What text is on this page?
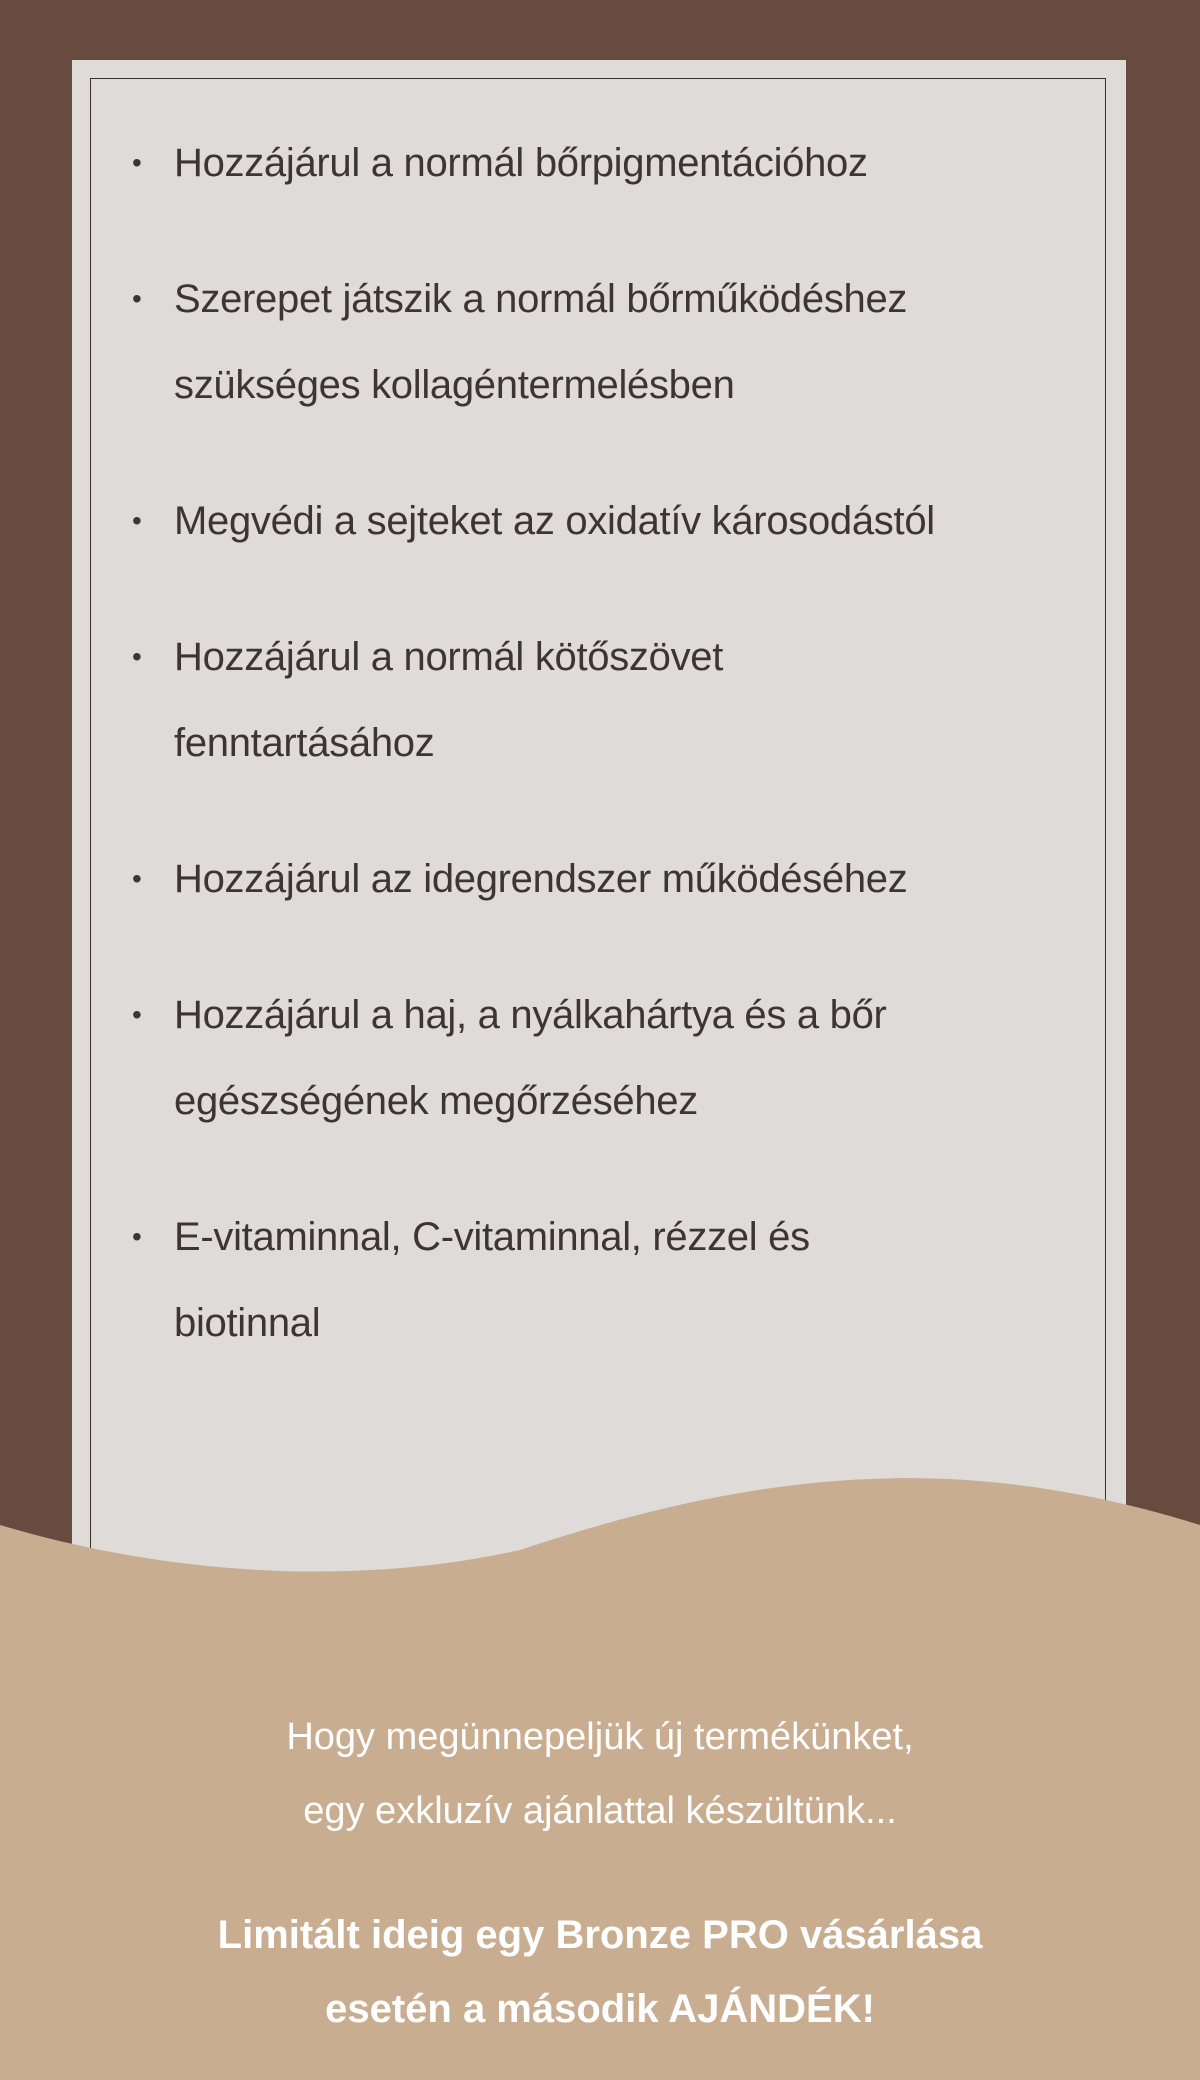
• Hozzájárul a normál bőrpigmentációhoz
• Szerepet játszik a normál bőrműködéshez szükséges kollagéntermelésben
• Megvédi a sejteket az oxidatív károsodástól
• Hozzájárul a normál kötőszövet fenntartásához
• Hozzájárul az idegrendszer működéséhez
• Hozzájárul a haj, a nyálkahártya és a bőr egészségének megőrzéséhez
• E-vitaminnal, C-vitaminnal, rézzel és biotinnal

Hogy megünnepeljük új termékünket,
egy exkluzív ajánlattal készültünk...

Limitált ideig egy Bronze PRO vásárlása
esetén a második AJÁNDÉK!
